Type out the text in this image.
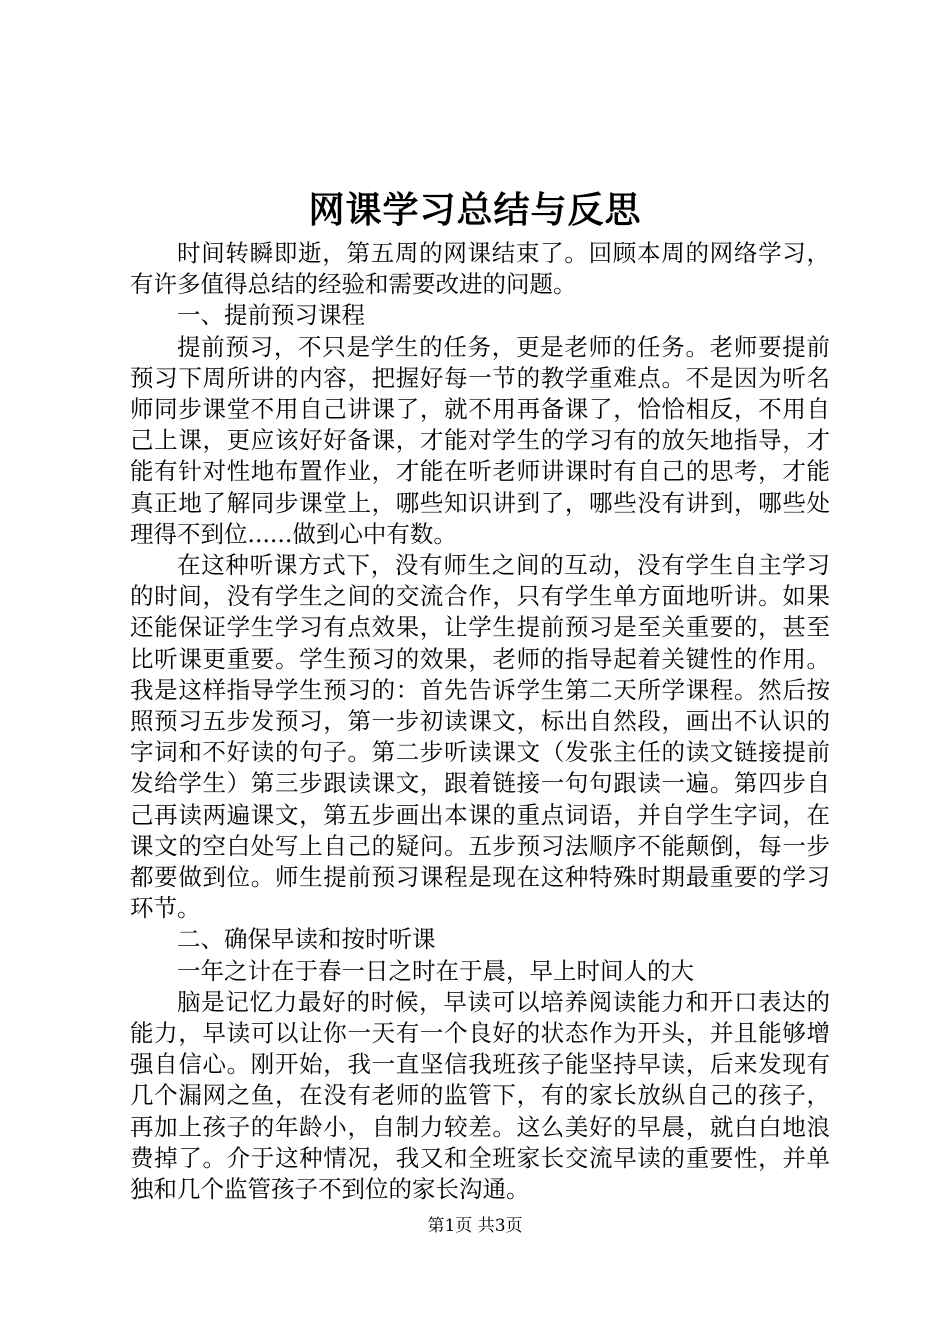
网课学习总结与反思

时间转瞬即逝，第五周的网课结束了。回顾本周的网络学习，有许多值得总结的经验和需要改进的问题。

一、提前预习课程

提前预习，不只是学生的任务，更是老师的任务。老师要提前预习下周所讲的内容，把握好每一节的教学重难点。不是因为听名师同步课堂不用自己讲课了，就不用再备课了，恰恰相反，不用自己上课，更应该好好备课，才能对学生的学习有的放矢地指导，才能有针对性地布置作业，才能在听老师讲课时有自己的思考，才能真正地了解同步课堂上，哪些知识讲到了，哪些没有讲到，哪些处理得不到位......做到心中有数。

在这种听课方式下，没有师生之间的互动，没有学生自主学习的时间，没有学生之间的交流合作，只有学生单方面地听讲。如果还能保证学生学习有点效果，让学生提前预习是至关重要的，甚至比听课更重要。学生预习的效果，老师的指导起着关键性的作用。我是这样指导学生预习的：首先告诉学生第二天所学课程。然后按照预习五步发预习，第一步初读课文，标出自然段，画出不认识的字词和不好读的句子。第二步听读课文（发张主任的读文链接提前发给学生）第三步跟读课文，跟着链接一句句跟读一遍。第四步自己再读两遍课文，第五步画出本课的重点词语，并自学生字词，在课文的空白处写上自己的疑问。五步预习法顺序不能颠倒，每一步都要做到位。师生提前预习课程是现在这种特殊时期最重要的学习环节。

二、确保早读和按时听课

一年之计在于春一日之时在于晨，早上时间人的大

脑是记忆力最好的时候，早读可以培养阅读能力和开口表达的能力，早读可以让你一天有一个良好的状态作为开头，并且能够增强自信心。刚开始，我一直坚信我班孩子能坚持早读，后来发现有几个漏网之鱼，在没有老师的监管下，有的家长放纵自己的孩子，再加上孩子的年龄小，自制力较差。这么美好的早晨，就白白地浪费掉了。介于这种情况，我又和全班家长交流早读的重要性，并单独和几个监管孩子不到位的家长沟通。

第1页 共3页
